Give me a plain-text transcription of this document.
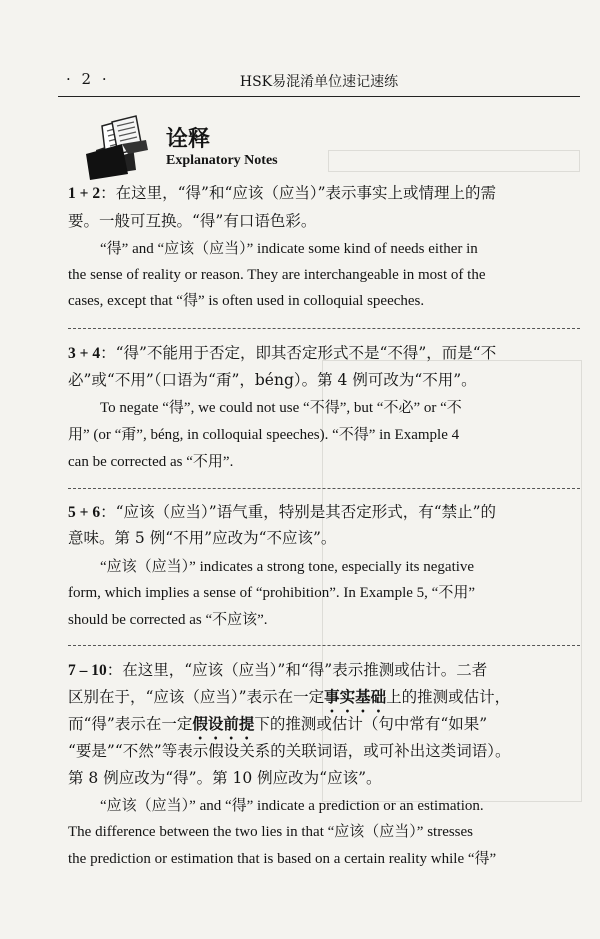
· 2 ·	HSK易混淆单位速记速练
诠释
Explanatory Notes
1 + 2：在这里，“得”和“应该（应当）”表示事实上或情理上的需
要。一般可互换。“得”有口语色彩。
“得” and “应该（应当）” indicate some kind of needs either in
the sense of reality or reason. They are interchangeable in most of the
cases, except that “得” is often used in colloquial speeches.
3 + 4：“得”不能用于否定，即其否定形式不是“不得”，而是“不
必”或“不用”（口语为“甭”，béng）。第 4 例可改为“不用”。
To negate “得”, we could not use “不得”, but “不必” or “不
用” (or “甭”, béng, in colloquial speeches). “不得” in Example 4
can be corrected as “不用”.
5 + 6：“应该（应当）”语气重，特别是其否定形式，有“禁止”的
意味。第 5 例“不用”应改为“不应该”。
“应该（应当）” indicates a strong tone, especially its negative
form, which implies a sense of “prohibition”. In Example 5, “不用”
should be corrected as “不应该”.
7 – 10：在这里，“应该（应当）”和“得”表示推测或估计。二者
区别在于，“应该（应当）”表示在一定事实基础上的推测或估计，
而“得”表示在一定假设前提下的推测或估计（句中常有“如果”
“要是”“不然”等表示假设关系的关联词语，或可补出这类词语）。
第 8 例应改为“得”。第 10 例应改为“应该”。
“应该（应当）” and “得” indicate a prediction or an estimation.
The difference between the two lies in that “应该（应当）” stresses
the prediction or estimation that is based on a certain reality while “得”
